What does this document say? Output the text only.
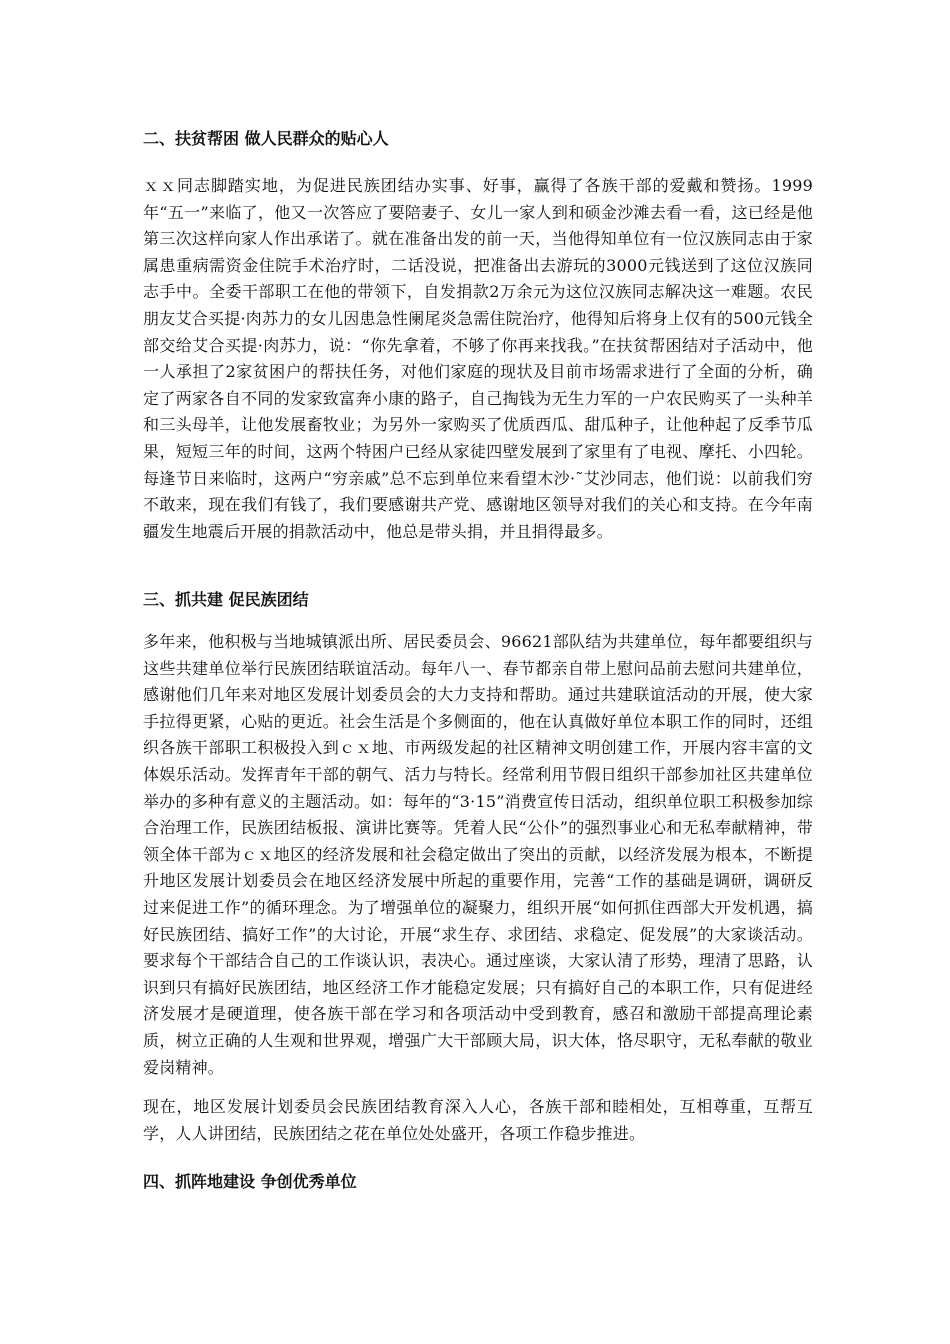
二、扶贫帮困 做人民群众的贴心人

ｘｘ同志脚踏实地，为促进民族团结办实事、好事，赢得了各族干部的爱戴和赞扬。1999年“五一”来临了，他又一次答应了要陪妻子、女儿一家人到和硕金沙滩去看一看，这已经是他第三次这样向家人作出承诺了。就在准备出发的前一天，当他得知单位有一位汉族同志由于家属患重病需资金住院手术治疗时，二话没说，把准备出去游玩的3000元钱送到了这位汉族同志手中。全委干部职工在他的带领下，自发捐款2万余元为这位汉族同志解决这一难题。农民朋友艾合买提·肉苏力的女儿因患急性阑尾炎急需住院治疗，他得知后将身上仅有的500元钱全部交给艾合买提·肉苏力，说：“你先拿着，不够了你再来找我。”在扶贫帮困结对子活动中，他一人承担了2家贫困户的帮扶任务，对他们家庭的现状及目前市场需求进行了全面的分析，确定了两家各自不同的发家致富奔小康的路子，自己掏钱为无生力军的一户农民购买了一头种羊和三头母羊，让他发展畜牧业；为另外一家购买了优质西瓜、甜瓜种子，让他种起了反季节瓜果，短短三年的时间，这两个特困户已经从家徒四壁发展到了家里有了电视、摩托、小四轮。每逢节日来临时，这两户“穷亲戚”总不忘到单位来看望木沙·˜艾沙同志，他们说：以前我们穷不敢来，现在我们有钱了，我们要感谢共产党、感谢地区领导对我们的关心和支持。在今年南疆发生地震后开展的捐款活动中，他总是带头捐，并且捐得最多。

三、抓共建 促民族团结

多年来，他积极与当地城镇派出所、居民委员会、96621部队结为共建单位，每年都要组织与这些共建单位举行民族团结联谊活动。每年八一、春节都亲自带上慰问品前去慰问共建单位，感谢他们几年来对地区发展计划委员会的大力支持和帮助。通过共建联谊活动的开展，使大家手拉得更紧，心贴的更近。社会生活是个多侧面的，他在认真做好单位本职工作的同时，还组织各族干部职工积极投入到ｃｘ地、市两级发起的社区精神文明创建工作，开展内容丰富的文体娱乐活动。发挥青年干部的朝气、活力与特长。经常利用节假日组织干部参加社区共建单位举办的多种有意义的主题活动。如：每年的“3·15”消费宣传日活动，组织单位职工积极参加综合治理工作，民族团结板报、演讲比赛等。凭着人民“公仆”的强烈事业心和无私奉献精神，带领全体干部为ｃｘ地区的经济发展和社会稳定做出了突出的贡献，以经济发展为根本，不断提升地区发展计划委员会在地区经济发展中所起的重要作用，完善“工作的基础是调研，调研反过来促进工作”的循环理念。为了增强单位的凝聚力，组织开展“如何抓住西部大开发机遇，搞好民族团结、搞好工作”的大讨论，开展“求生存、求团结、求稳定、促发展”的大家谈活动。要求每个干部结合自己的工作谈认识，表决心。通过座谈，大家认清了形势，理清了思路，认识到只有搞好民族团结，地区经济工作才能稳定发展；只有搞好自己的本职工作，只有促进经济发展才是硬道理，使各族干部在学习和各项活动中受到教育，感召和激励干部提高理论素质，树立正确的人生观和世界观，增强广大干部顾大局，识大体，恪尽职守，无私奉献的敬业爱岗精神。

现在，地区发展计划委员会民族团结教育深入人心，各族干部和睦相处，互相尊重，互帮互学，人人讲团结，民族团结之花在单位处处盛开，各项工作稳步推进。

四、抓阵地建设 争创优秀单位
